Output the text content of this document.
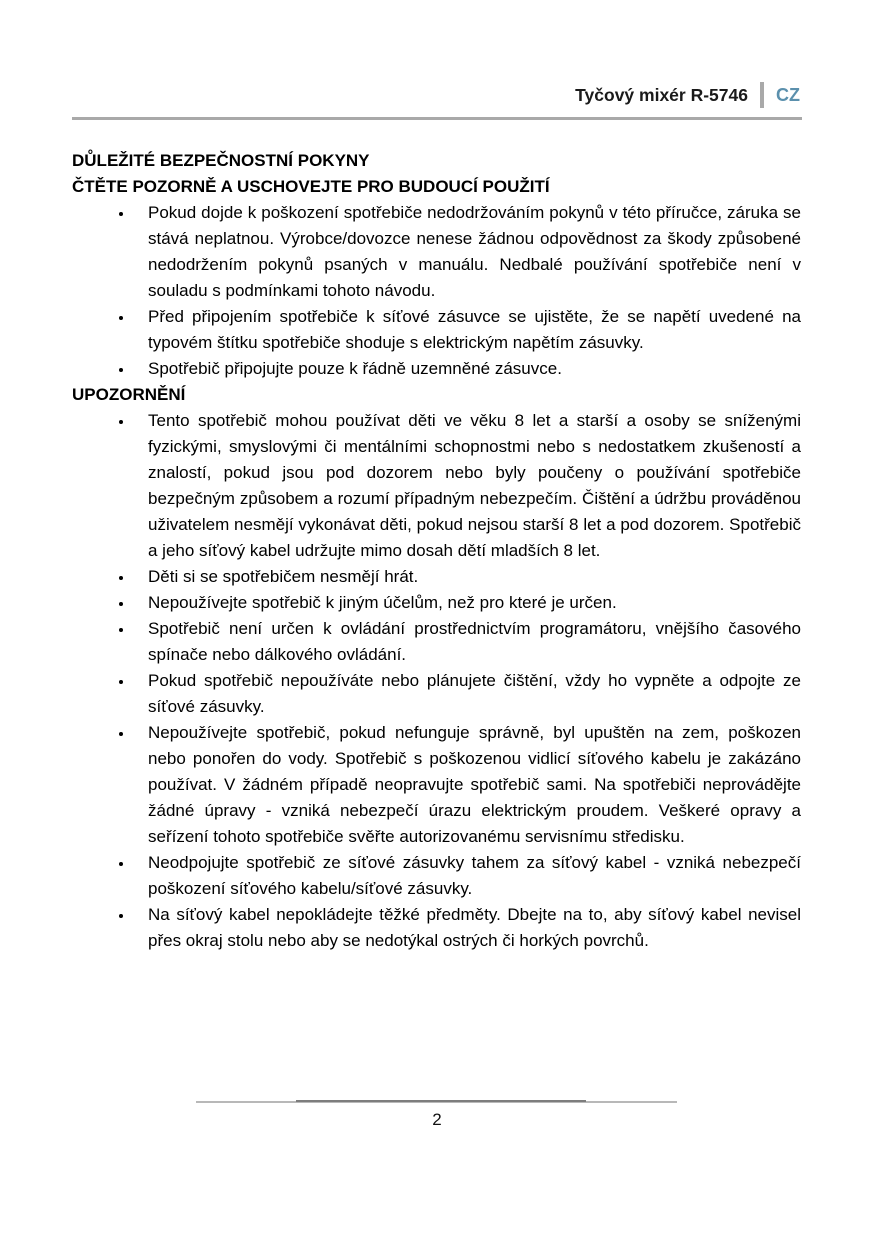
Tyčový mixér R-5746 CZ
DŮLEŽITÉ BEZPEČNOSTNÍ POKYNY
ČTĚTE POZORNĚ A USCHOVEJTE PRO BUDOUCÍ POUŽITÍ
• Pokud dojde k poškození spotřebiče nedodržováním pokynů v této příručce, záruka se stává neplatnou. Výrobce/dovozce nenese žádnou odpovědnost za škody způsobené nedodržením pokynů psaných v manuálu. Nedbalé používání spotřebiče není v souladu s podmínkami tohoto návodu.
• Před připojením spotřebiče k síťové zásuvce se ujistěte, že se napětí uvedené na typovém štítku spotřebiče shoduje s elektrickým napětím zásuvky.
• Spotřebič připojujte pouze k řádně uzemněné zásuvce.
UPOZORNĚNÍ
• Tento spotřebič mohou používat děti ve věku 8 let a starší a osoby se sníženými fyzickými, smyslovými či mentálními schopnostmi nebo s nedostatkem zkušeností a znalostí, pokud jsou pod dozorem nebo byly poučeny o používání spotřebiče bezpečným způsobem a rozumí případným nebezpečím. Čištění a údržbu prováděnou uživatelem nesmějí vykonávat děti, pokud nejsou starší 8 let a pod dozorem. Spotřebič a jeho síťový kabel udržujte mimo dosah dětí mladších 8 let.
• Děti si se spotřebičem nesmějí hrát.
• Nepoužívejte spotřebič k jiným účelům, než pro které je určen.
• Spotřebič není určen k ovládání prostřednictvím programátoru, vnějšího časového spínače nebo dálkového ovládání.
• Pokud spotřebič nepoužíváte nebo plánujete čištění, vždy ho vypněte a odpojte ze síťové zásuvky.
• Nepoužívejte spotřebič, pokud nefunguje správně, byl upuštěn na zem, poškozen nebo ponořen do vody. Spotřebič s poškozenou vidlicí síťového kabelu je zakázáno používat. V žádném případě neopravujte spotřebič sami. Na spotřebiči neprovádějte žádné úpravy - vzniká nebezpečí úrazu elektrickým proudem. Veškeré opravy a seřízení tohoto spotřebiče svěřte autorizovanému servisnímu středisku.
• Neodpojujte spotřebič ze síťové zásuvky tahem za síťový kabel - vzniká nebezpečí poškození síťového kabelu/síťové zásuvky.
• Na síťový kabel nepokládejte těžké předměty. Dbejte na to, aby síťový kabel nevisel přes okraj stolu nebo aby se nedotýkal ostrých či horkých povrchů.
2
